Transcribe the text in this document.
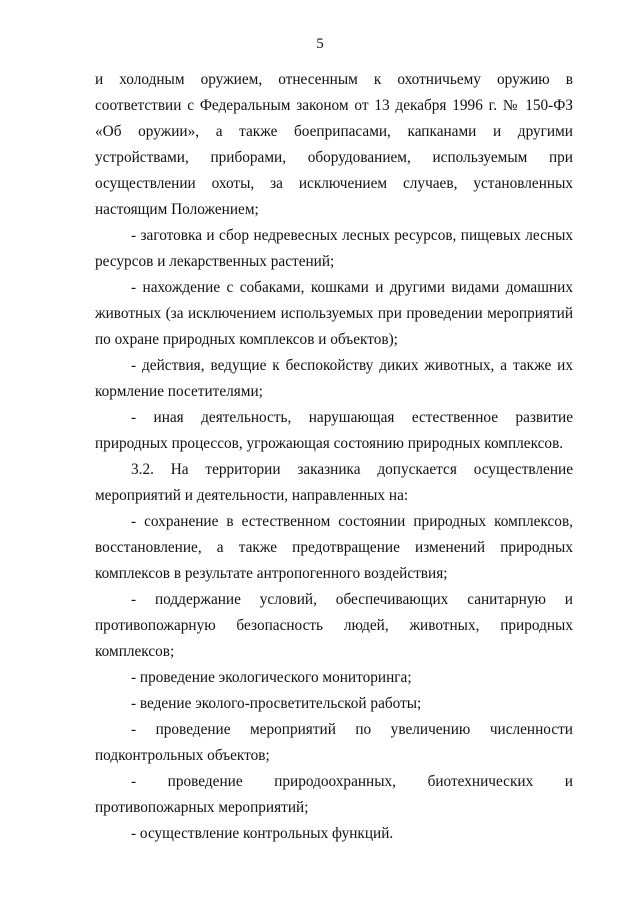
5

и холодным оружием, отнесенным к охотничьему оружию в соответствии с Федеральным законом от 13 декабря 1996 г. № 150-ФЗ «Об оружии», а также боеприпасами, капканами и другими устройствами, приборами, оборудованием, используемым при осуществлении охоты, за исключением случаев, установленных настоящим Положением;

- заготовка и сбор недревесных лесных ресурсов, пищевых лесных ресурсов и лекарственных растений;

- нахождение с собаками, кошками и другими видами домашних животных (за исключением используемых при проведении мероприятий по охране природных комплексов и объектов);

- действия, ведущие к беспокойству диких животных, а также их кормление посетителями;

- иная деятельность, нарушающая естественное развитие природных процессов, угрожающая состоянию природных комплексов.

3.2. На территории заказника допускается осуществление мероприятий и деятельности, направленных на:

- сохранение в естественном состоянии природных комплексов, восстановление, а также предотвращение изменений природных комплексов в результате антропогенного воздействия;

- поддержание условий, обеспечивающих санитарную и противопожарную безопасность людей, животных, природных комплексов;

- проведение экологического мониторинга;

- ведение эколого-просветительской работы;

- проведение мероприятий по увеличению численности подконтрольных объектов;

- проведение природоохранных, биотехнических и противопожарных мероприятий;

- осуществление контрольных функций.
